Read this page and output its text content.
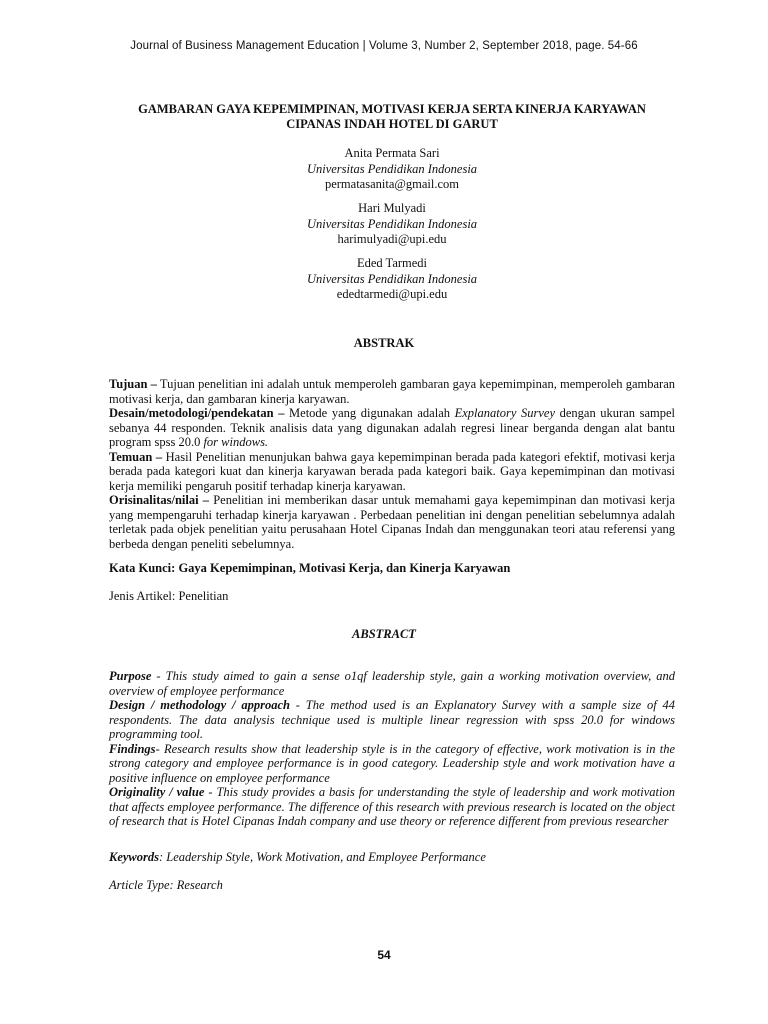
Journal of Business Management Education | Volume 3, Number 2, September 2018, page. 54-66
GAMBARAN GAYA KEPEMIMPINAN, MOTIVASI KERJA SERTA KINERJA KARYAWAN
CIPANAS INDAH HOTEL DI GARUT
Anita Permata Sari
Universitas Pendidikan Indonesia
permatasanita@gmail.com
Hari Mulyadi
Universitas Pendidikan Indonesia
harimulyadi@upi.edu
Eded Tarmedi
Universitas Pendidikan Indonesia
ededtarmedi@upi.edu
ABSTRAK

Tujuan – Tujuan penelitian ini adalah untuk memperoleh gambaran gaya kepemimpinan, memperoleh gambaran motivasi kerja, dan gambaran kinerja karyawan.

Desain/metodologi/pendekatan – Metode yang digunakan adalah Explanatory Survey dengan ukuran sampel sebanya 44 responden. Teknik analisis data yang digunakan adalah regresi linear berganda dengan alat bantu program spss 20.0 for windows.

Temuan – Hasil Penelitian menunjukan bahwa gaya kepemimpinan berada pada kategori efektif, motivasi kerja berada pada kategori kuat dan kinerja karyawan berada pada kategori baik. Gaya kepemimpinan dan motivasi kerja memiliki pengaruh positif terhadap kinerja karyawan.

Orisinalitas/nilai – Penelitian ini memberikan dasar untuk memahami gaya kepemimpinan dan motivasi kerja yang mempengaruhi terhadap kinerja karyawan . Perbedaan penelitian ini dengan penelitian sebelumnya adalah terletak pada objek penelitian yaitu perusahaan Hotel Cipanas Indah dan menggunakan teori atau referensi yang berbeda dengan peneliti sebelumnya.

Kata Kunci: Gaya Kepemimpinan, Motivasi Kerja, dan Kinerja Karyawan
Jenis Artikel: Penelitian
ABSTRACT

Purpose - This study aimed to gain a sense o1qf leadership style, gain a working motivation overview, and overview of employee performance

Design / methodology / approach - The method used is an Explanatory Survey with a sample size of 44 respondents. The data analysis technique used is multiple linear regression with spss 20.0 for windows programming tool.

Findings- Research results show that leadership style is in the category of effective, work motivation is in the strong category and employee performance is in good category. Leadership style and work motivation have a positive influence on employee performance

Originality / value - This study provides a basis for understanding the style of leadership and work motivation that affects employee performance. The difference of this research with previous research is located on the object of research that is Hotel Cipanas Indah company and use theory or reference different from previous researcher

Keywords: Leadership Style, Work Motivation, and Employee Performance
Article Type: Research
54
